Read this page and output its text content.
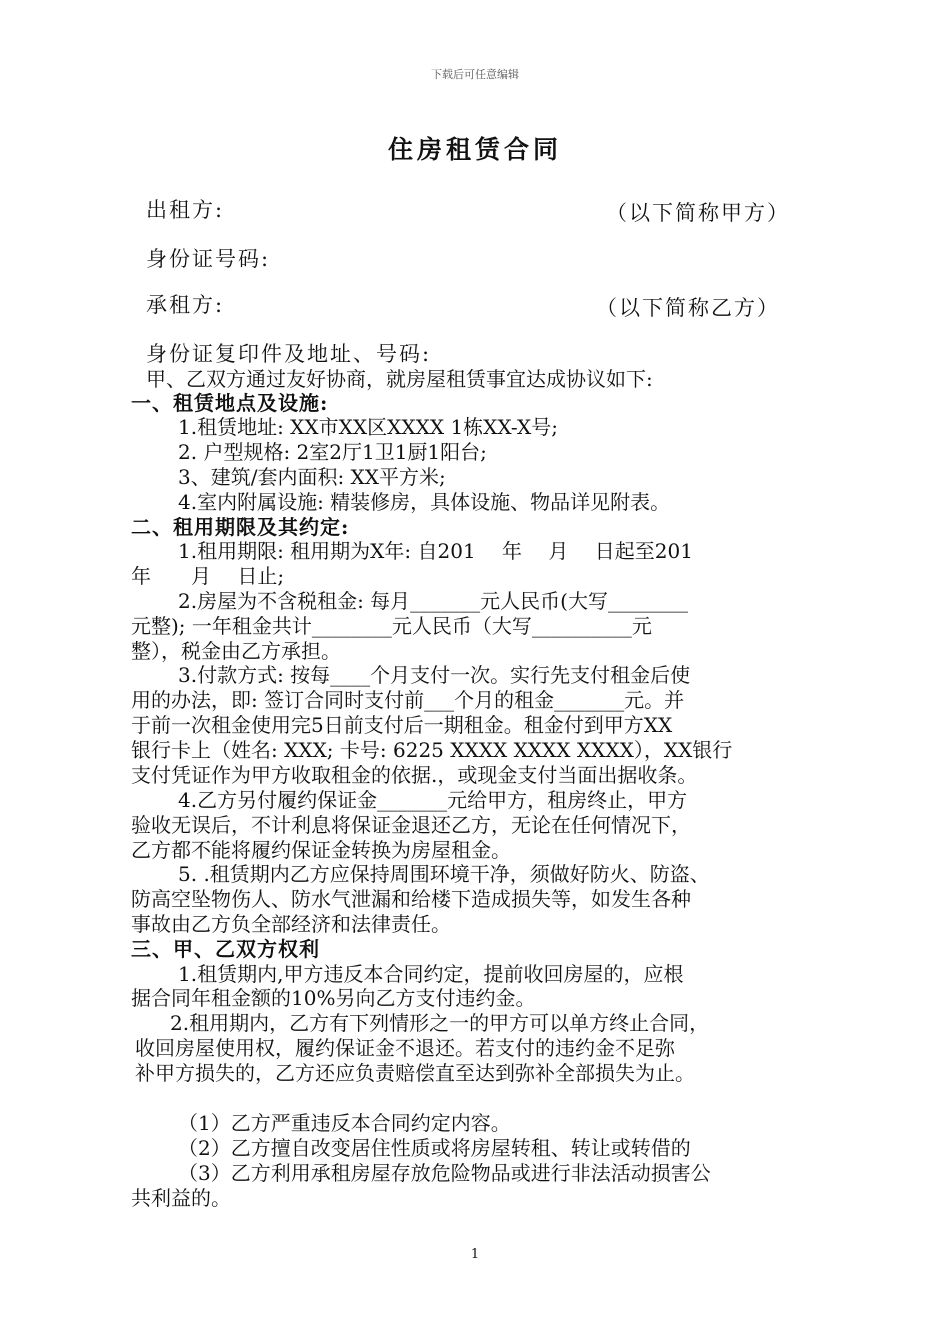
下载后可任意编辑
住房租赁合同
出租方:	（以下简称甲方）
身份证号码:
承租方:	（以下简称乙方）
身份证复印件及地址、号码:
甲、乙双方通过友好协商，就房屋租赁事宜达成协议如下:
一、租赁地点及设施:
1.租赁地址: XX市XX区XXXX 1栋XX-X号;
2. 户型规格: 2室2厅1卫1厨1阳台;
3、建筑/套内面积: XX平方米;
4.室内附属设施: 精装修房，具体设施、物品详见附表。
二、租用期限及其约定:
1.租用期限: 租用期为X年: 自201　 年　 月　 日起至201
年　　月　 日止;
2.房屋为不含税租金: 每月_______元人民币(大写________
元整); 一年租金共计________元人民币（大写__________元
整），税金由乙方承担。
3.付款方式: 按每____个月支付一次。实行先支付租金后使
用的办法，即: 签订合同时支付前___个月的租金_______元。并
于前一次租金使用完5日前支付后一期租金。租金付到甲方XX
银行卡上（姓名: XXX; 卡号: 6225 XXXX XXXX XXXX），XX银行
支付凭证作为甲方收取租金的依据.，或现金支付当面出据收条。
4.乙方另付履约保证金_______元给甲方，租房终止，甲方
验收无误后，不计利息将保证金退还乙方，无论在任何情况下，
乙方都不能将履约保证金转换为房屋租金。
5. .租赁期内乙方应保持周围环境干净，须做好防火、防盗、
防高空坠物伤人、防水气泄漏和给楼下造成损失等，如发生各种
事故由乙方负全部经济和法律责任。
三、甲、乙双方权利
1.租赁期内,甲方违反本合同约定，提前收回房屋的，应根
据合同年租金额的10%另向乙方支付违约金。
2.租用期内，乙方有下列情形之一的甲方可以单方终止合同，
收回房屋使用权，履约保证金不退还。若支付的违约金不足弥
补甲方损失的，乙方还应负责赔偿直至达到弥补全部损失为止。
（1）乙方严重违反本合同约定内容。
（2）乙方擅自改变居住性质或将房屋转租、转让或转借的
（3）乙方利用承租房屋存放危险物品或进行非法活动损害公
共利益的。
1
